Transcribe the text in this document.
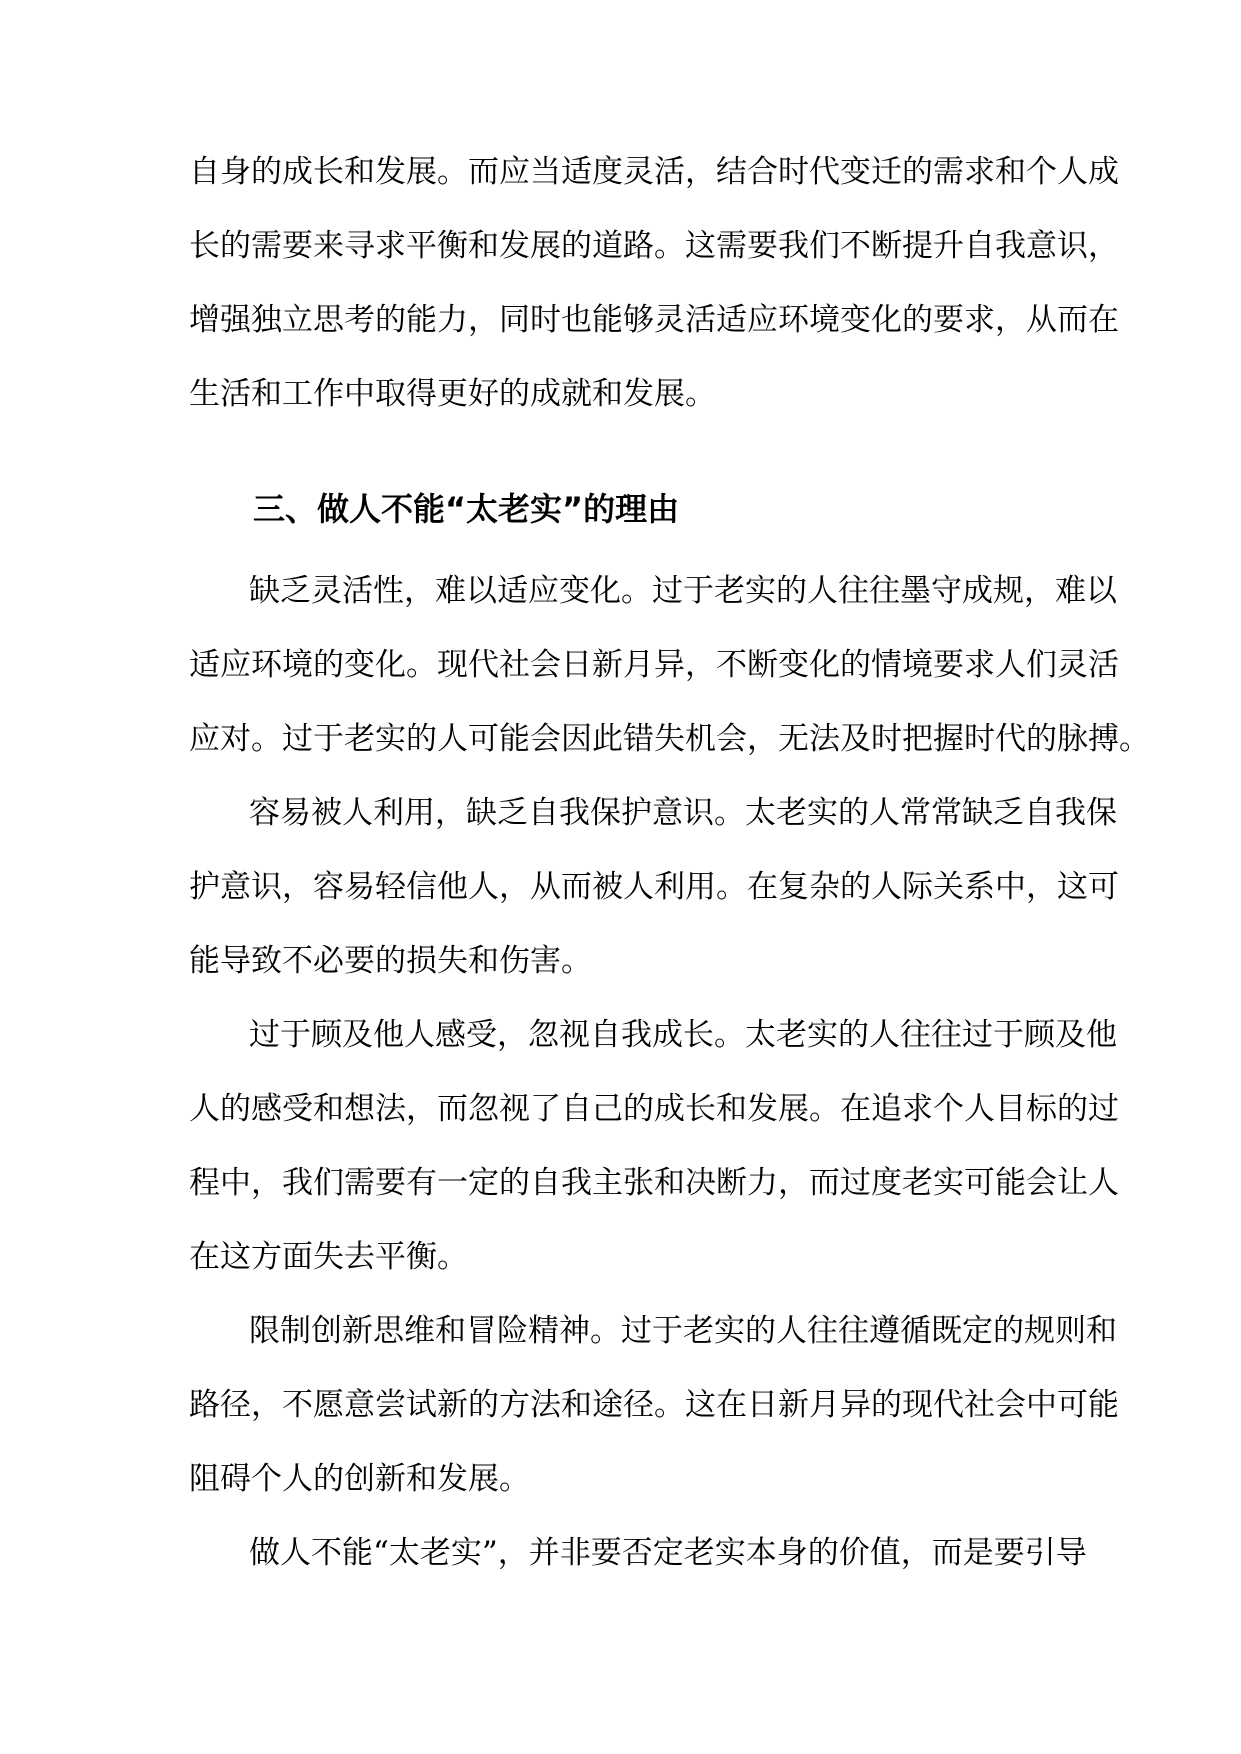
自身的成长和发展。而应当适度灵活，结合时代变迁的需求和个人成
长的需要来寻求平衡和发展的道路。这需要我们不断提升自我意识，
增强独立思考的能力，同时也能够灵活适应环境变化的要求，从而在
生活和工作中取得更好的成就和发展。
三、做人不能“太老实”的理由
缺乏灵活性，难以适应变化。过于老实的人往往墨守成规，难以
适应环境的变化。现代社会日新月异，不断变化的情境要求人们灵活
应对。过于老实的人可能会因此错失机会，无法及时把握时代的脉搏。
容易被人利用，缺乏自我保护意识。太老实的人常常缺乏自我保
护意识，容易轻信他人，从而被人利用。在复杂的人际关系中，这可
能导致不必要的损失和伤害。
过于顾及他人感受，忽视自我成长。太老实的人往往过于顾及他
人的感受和想法，而忽视了自己的成长和发展。在追求个人目标的过
程中，我们需要有一定的自我主张和决断力，而过度老实可能会让人
在这方面失去平衡。
限制创新思维和冒险精神。过于老实的人往往遵循既定的规则和
路径，不愿意尝试新的方法和途径。这在日新月异的现代社会中可能
阻碍个人的创新和发展。
做人不能“太老实”，并非要否定老实本身的价值，而是要引导
